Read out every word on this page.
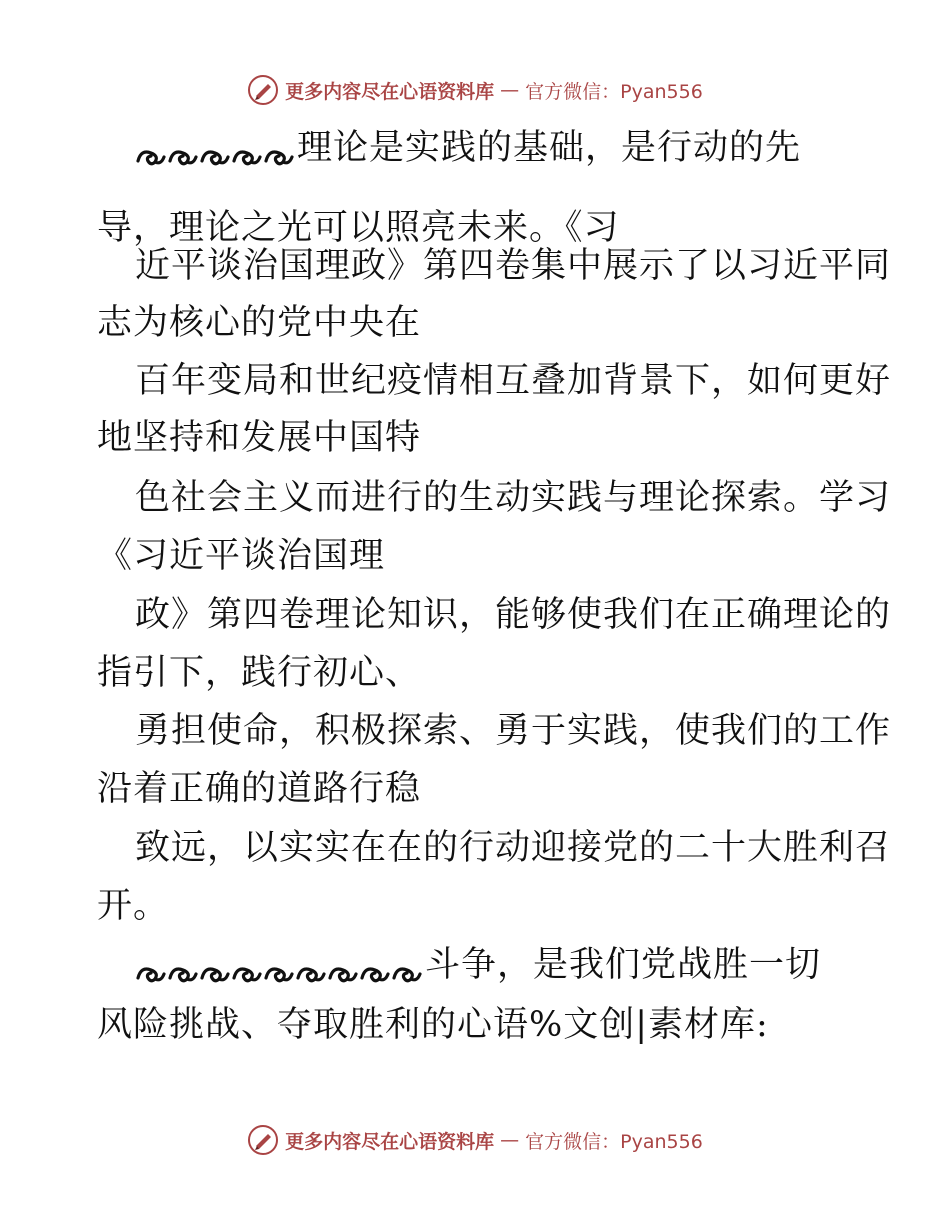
更多内容尽在心语资料库 — 官方微信：Pyan556
理论是实践的基础，是行动的先
导，理论之光可以照亮未来。《习
近平谈治国理政》第四卷集中展示了以习近平同
志为核心的党中央在
百年变局和世纪疫情相互叠加背景下，如何更好
地坚持和发展中国特
色社会主义而进行的生动实践与理论探索。学习
《习近平谈治国理
政》第四卷理论知识，能够使我们在正确理论的
指引下，践行初心、
勇担使命，积极探索、勇于实践，使我们的工作
沿着正确的道路行稳
致远，以实实在在的行动迎接党的二十大胜利召
开。
斗争，是我们党战胜一切
风险挑战、夺取胜利的心语%文创|素材库:
更多内容尽在心语资料库 — 官方微信：Pyan556
